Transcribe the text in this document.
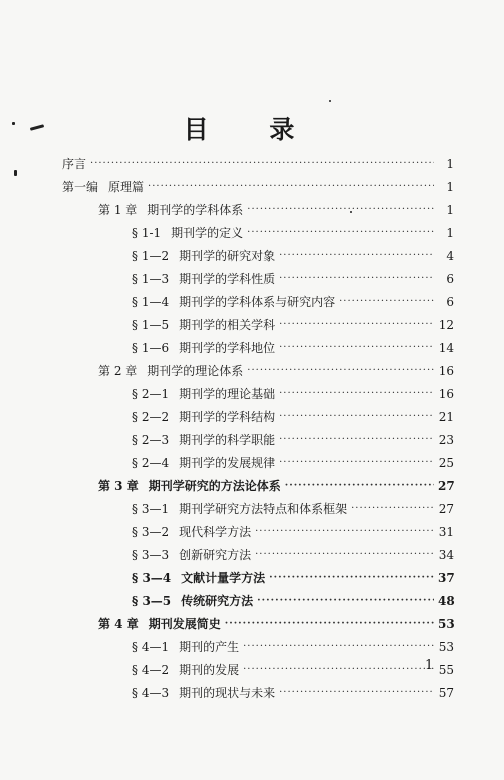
目 录
序言 ·····	1
第一编 原理篇 ·····	1
第 1 章 期刊学的学科体系 ·····	1
§ 1-1 期刊学的定义 ·····	1
§ 1—2 期刊学的研究对象 ·····	4
§ 1—3 期刊学的学科性质 ·····	6
§ 1—4 期刊学的学科体系与研究内容 ·····	6
§ 1—5 期刊学的相关学科 ·····	12
§ 1—6 期刊学的学科地位 ·····	14
第 2 章 期刊学的理论体系 ·····	16
§ 2—1 期刊学的理论基础 ·····	16
§ 2—2 期刊学的学科结构 ·····	21
§ 2—3 期刊学的科学职能 ·····	23
§ 2—4 期刊学的发展规律 ·····	25
第 3 章 期刊学研究的方法论体系 ·····	27
§ 3—1 期刊学研究方法特点和体系框架 ·····	27
§ 3—2 现代科学方法 ·····	31
§ 3—3 创新研究方法 ·····	34
§ 3—4 文献计量学方法 ·····	37
§ 3—5 传统研究方法 ·····	48
第 4 章 期刊发展简史 ·····	53
§ 4—1 期刊的产生 ·····	53
§ 4—2 期刊的发展 ·····	55
§ 4—3 期刊的现状与未来 ·····	57
1
